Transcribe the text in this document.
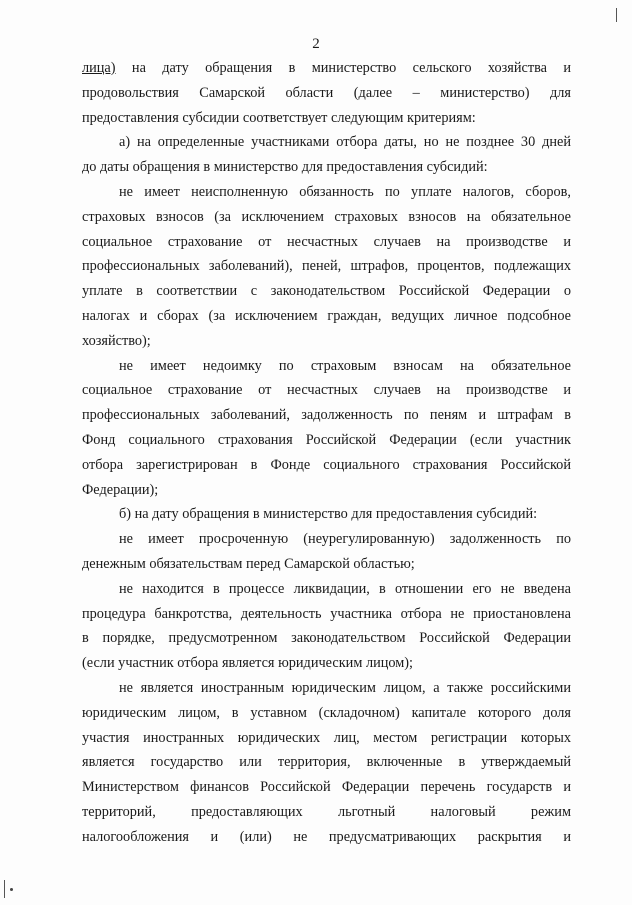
2
лица) на дату обращения в министерство сельского хозяйства и
продовольствия Самарской области (далее – министерство) для
предоставления субсидии соответствует следующим критериям:
а) на определенные участниками отбора даты, но не позднее 30 дней
до даты обращения в министерство для предоставления субсидий:
не имеет неисполненную обязанность по уплате налогов, сборов,
страховых взносов (за исключением страховых взносов на обязательное
социальное страхование от несчастных случаев на производстве и
профессиональных заболеваний), пеней, штрафов, процентов, подлежащих
уплате в соответствии с законодательством Российской Федерации о
налогах и сборах (за исключением граждан, ведущих личное подсобное
хозяйство);
не имеет недоимку по страховым взносам на обязательное
социальное страхование от несчастных случаев на производстве и
профессиональных заболеваний, задолженность по пеням и штрафам в
Фонд социального страхования Российской Федерации (если участник
отбора зарегистрирован в Фонде социального страхования Российской
Федерации);
б) на дату обращения в министерство для предоставления субсидий:
не имеет просроченную (неурегулированную) задолженность по
денежным обязательствам перед Самарской областью;
не находится в процессе ликвидации, в отношении его не введена
процедура банкротства, деятельность участника отбора не приостановлена
в порядке, предусмотренном законодательством Российской Федерации
(если участник отбора является юридическим лицом);
не является иностранным юридическим лицом, а также российскими
юридическим лицом, в уставном (складочном) капитале которого доля
участия иностранных юридических лиц, местом регистрации которых
является государство или территория, включенные в утверждаемый
Министерством финансов Российской Федерации перечень государств и
территорий, предоставляющих льготный налоговый режим
налогообложения и (или) не предусматривающих раскрытия и
